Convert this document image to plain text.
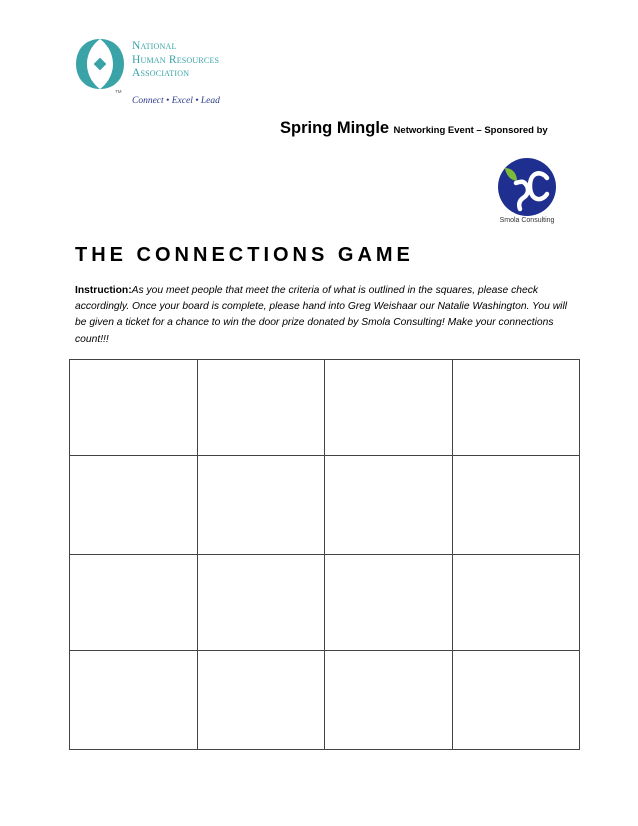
National
Human Resources
Association
TM
Connect • Excel • Lead
Spring Mingle Networking Event – Sponsored by
Smola Consulting
THE CONNECTIONS GAME

Instruction:As you meet people that meet the criteria of what is outlined in the squares, please check accordingly. Once your board is complete, please hand into Greg Weishaar our Natalie Washington. You will be given a ticket for a chance to win the door prize donated by Smola Consulting! Make your connections count!!!
